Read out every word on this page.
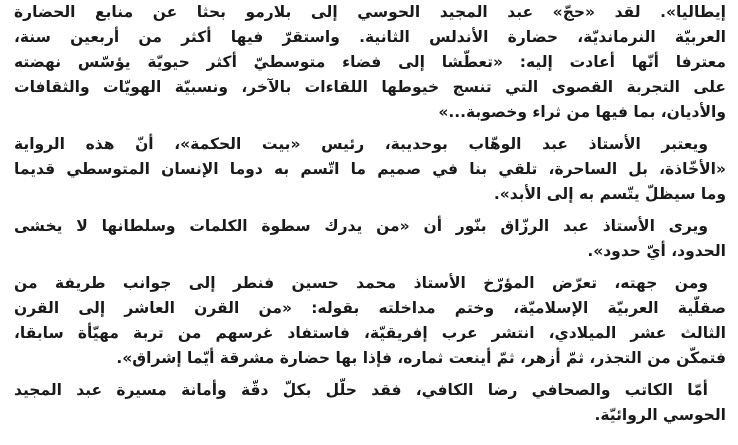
إيطاليا». لقد «حجّ» عبد المجيد الحوسي إلى بلارمو بحثا عن منابع الحضارة
العربيّة النرمانديّة، حضارة الأندلس الثانية. واستقرّ فيها أكثر من أربعين سنة،
معترفا أنّها أعادت إليه: «تعطّشا إلى فضاء متوسطيّ أكثر حيويّة يؤسّس نهضته
على التجربة القصوى التي تنسج خيوطها اللقاءات بالآخر، ونسبيّة الهويّات والثقافات
والأديان، بما فيها من ثراء وخصوبة...»
ويعتبر الأستاذ عبد الوهّاب بوحديبة، رئيس «بيت الحكمة»، أنّ هذه الرواية
«الأخّاذة، بل الساحرة، تلقي بنا في صميم ما اتّسم به دوما الإنسان المتوسطي قديما
وما سيظلّ يتّسم به إلى الأبد».
ويرى الأستاذ عبد الرزّاق بنّور أن «من يدرك سطوة الكلمات وسلطانها لا يخشى
الحدود، أيّ حدود».
ومن جهته، تعرّض المؤرّخ الأستاذ محمد حسين فنطر إلى جوانب طريفة من
صقلّية العربيّة الإسلاميّة، وختم مداخلته بقوله: «من القرن العاشر إلى القرن
الثالث عشر الميلادي، انتشر عرب إفريقيّة، فاستفاد غرسهم من تربة مهيّأة سابقا،
فتمكّن من التجذر، ثمّ أزهر، ثمّ أينعت ثماره، فإذا بها حضارة مشرقة أيّما إشراق».
أمّا الكاتب والصحافي رضا الكافي، فقد حلّل بكلّ دقّة وأمانة مسيرة عبد المجيد
الحوسي الروائيّة.
